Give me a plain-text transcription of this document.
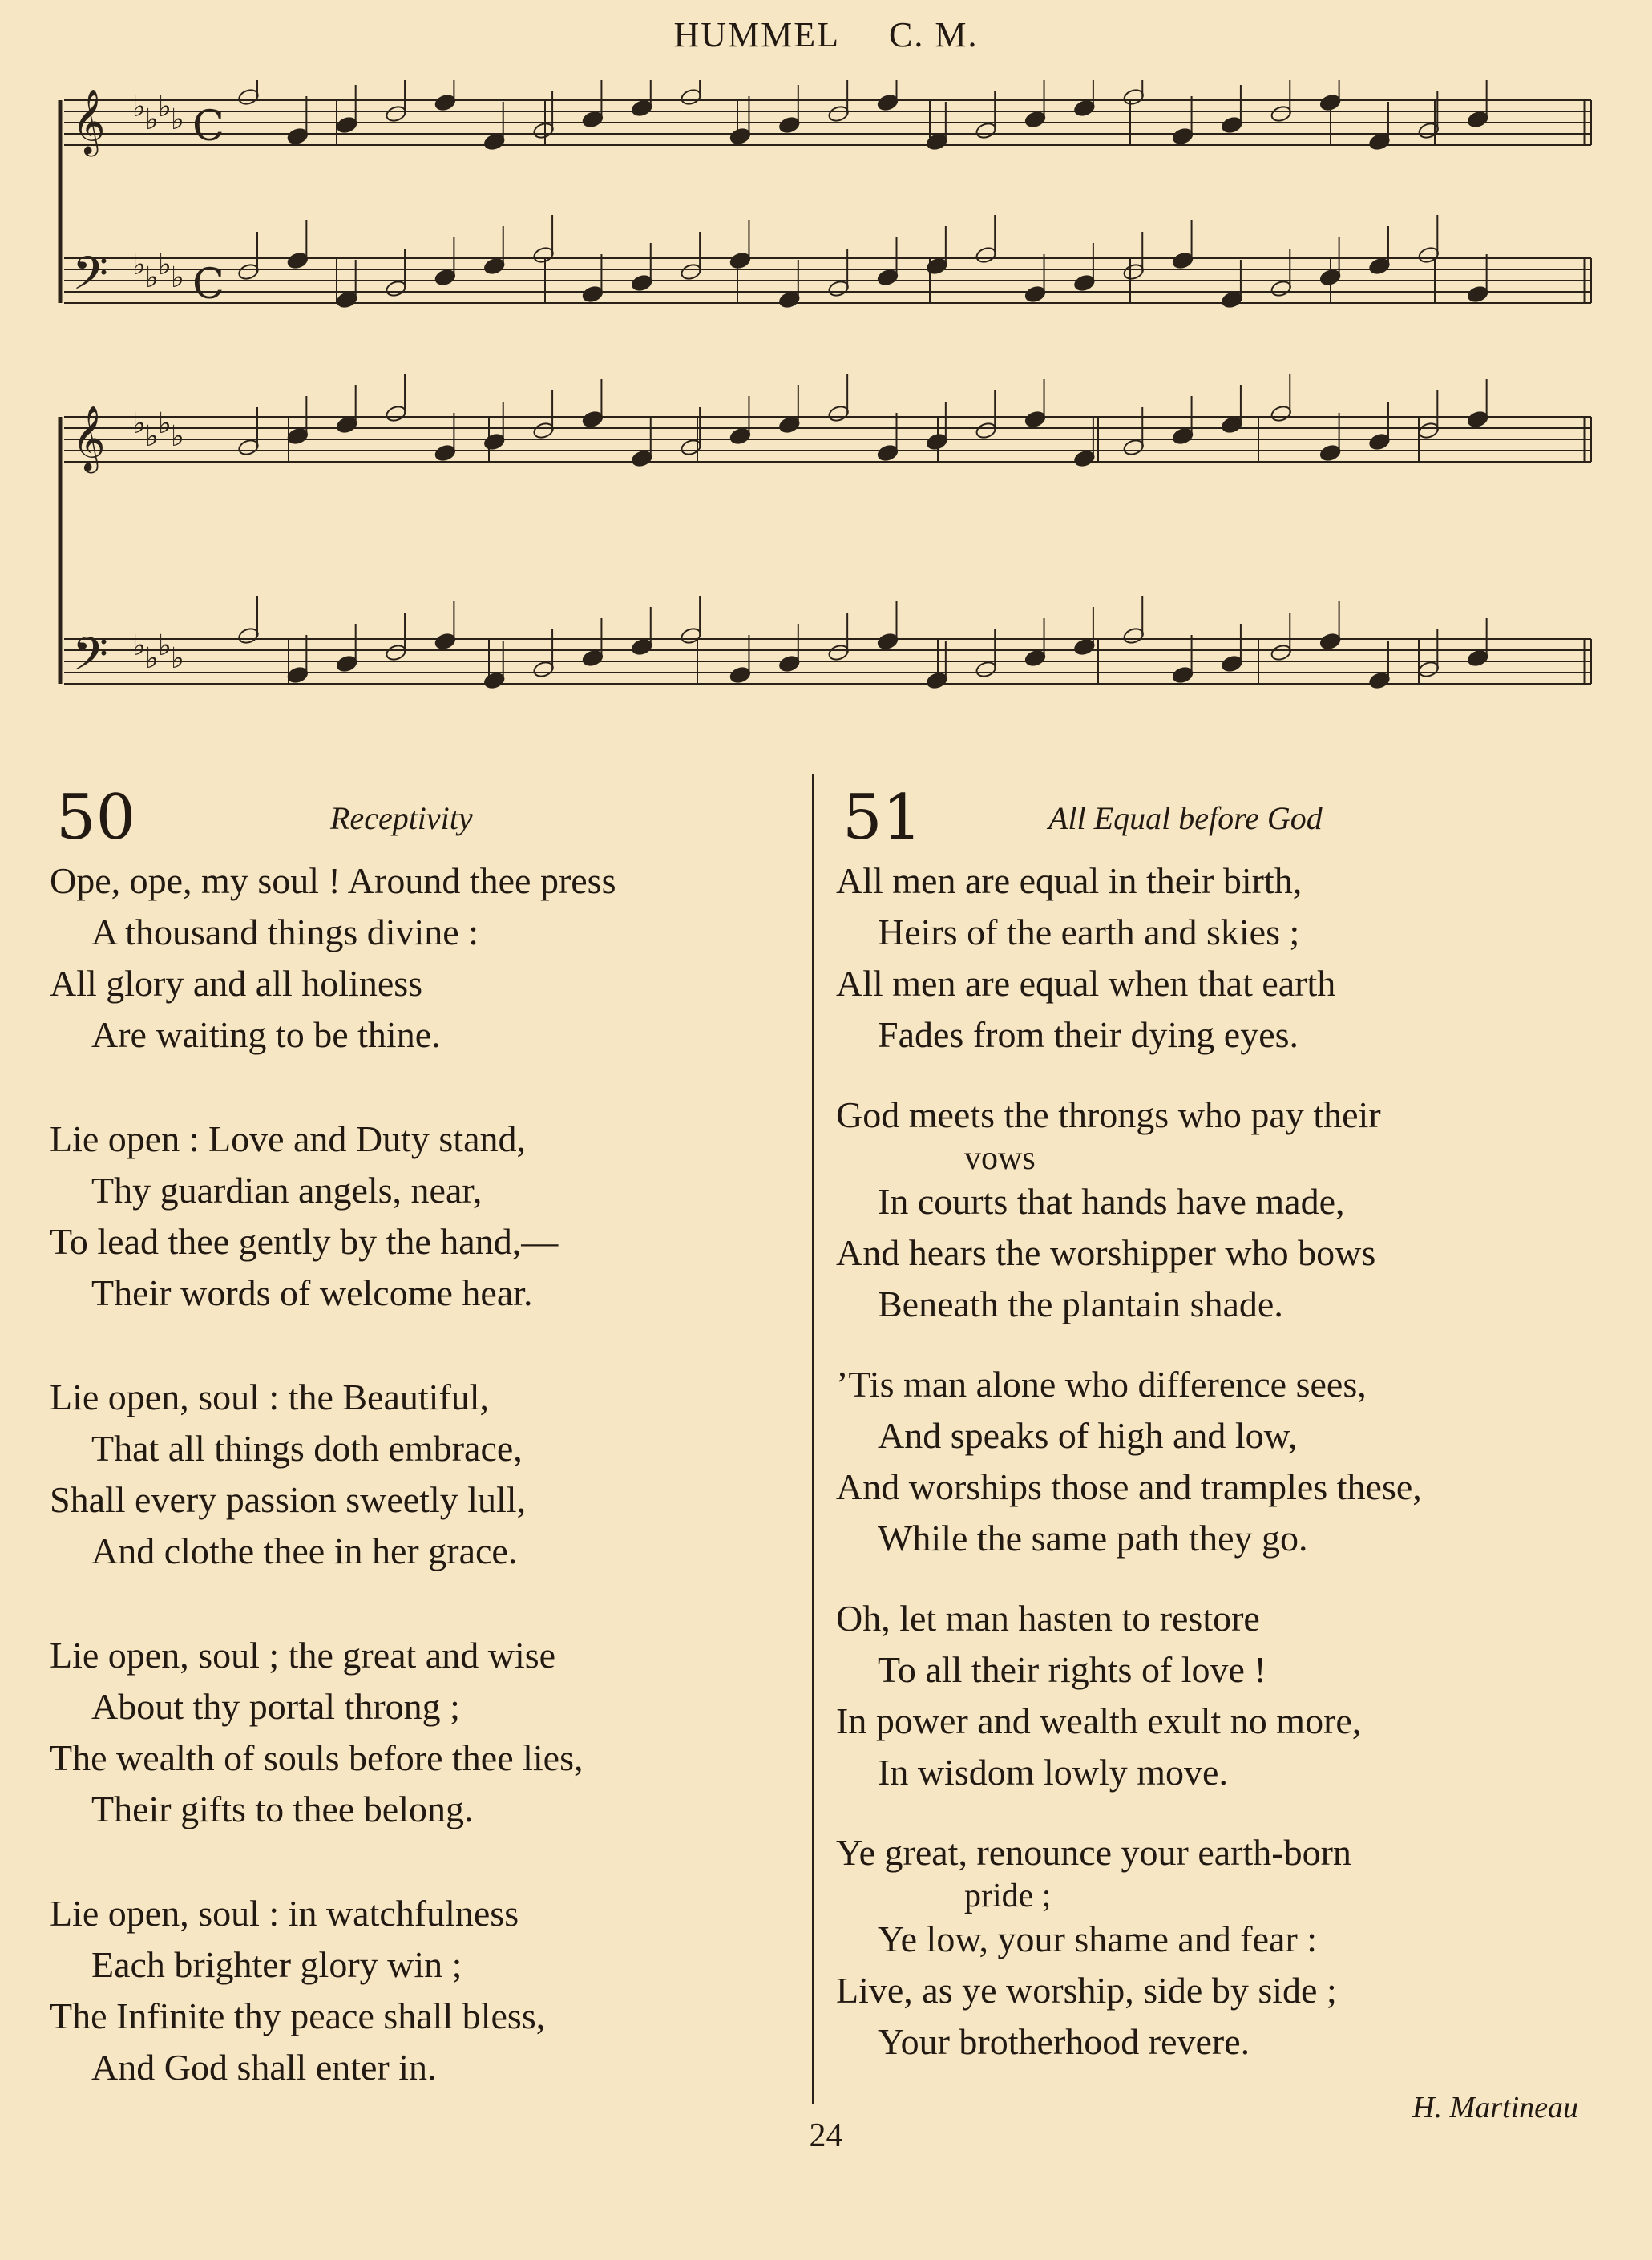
HUMMEL C. M.
𝄞 ♭ ♭ ♭ ♭ C
𝄢 ♭ ♭ ♭ ♭ C
𝄞 ♭ ♭ ♭ ♭
𝄢 ♭ ♭ ♭ ♭
50	Receptivity
Ope, ope, my soul ! Around thee press
A thousand things divine :
All glory and all holiness
Are waiting to be thine.
Lie open : Love and Duty stand,
Thy guardian angels, near,
To lead thee gently by the hand,—
Their words of welcome hear.
Lie open, soul : the Beautiful,
That all things doth embrace,
Shall every passion sweetly lull,
And clothe thee in her grace.
Lie open, soul ; the great and wise
About thy portal throng ;
The wealth of souls before thee lies,
Their gifts to thee belong.
Lie open, soul : in watchfulness
Each brighter glory win ;
The Infinite thy peace shall bless,
And God shall enter in.
51	All Equal before God
All men are equal in their birth,
Heirs of the earth and skies ;
All men are equal when that earth
Fades from their dying eyes.
God meets the throngs who pay their
vows
In courts that hands have made,
And hears the worshipper who bows
Beneath the plantain shade.
’Tis man alone who difference sees,
And speaks of high and low,
And worships those and tramples these,
While the same path they go.
Oh, let man hasten to restore
To all their rights of love !
In power and wealth exult no more,
In wisdom lowly move.
Ye great, renounce your earth-born
pride ;
Ye low, your shame and fear :
Live, as ye worship, side by side ;
Your brotherhood revere.
H. Martineau
24
